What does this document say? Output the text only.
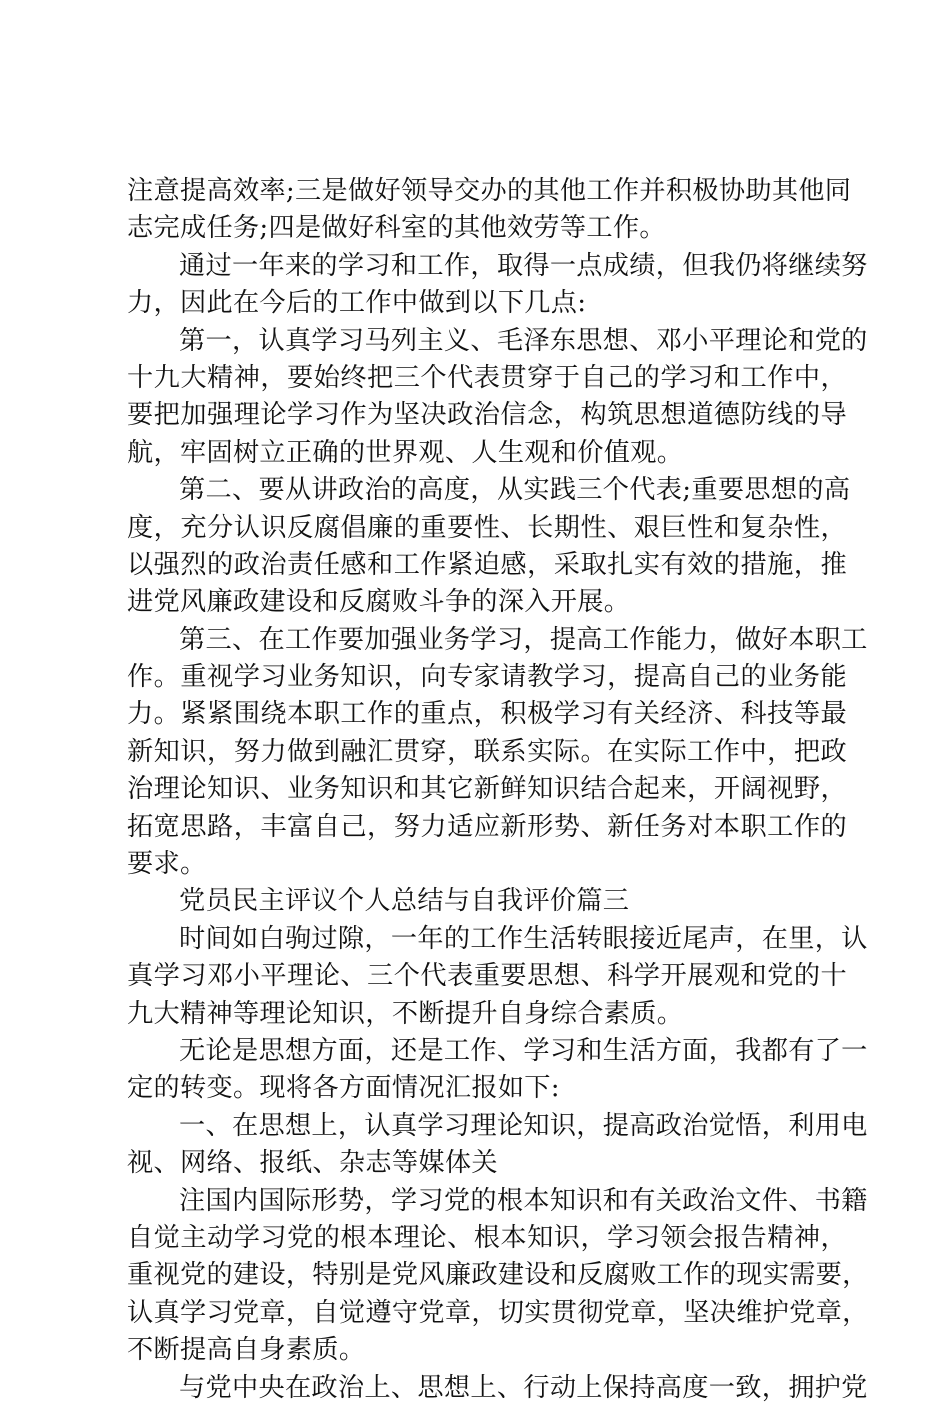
注意提高效率;三是做好领导交办的其他工作并积极协助其他同
志完成任务;四是做好科室的其他效劳等工作。
通过一年来的学习和工作，取得一点成绩，但我仍将继续努
力，因此在今后的工作中做到以下几点:
第一，认真学习马列主义、毛泽东思想、邓小平理论和党的
十九大精神，要始终把三个代表贯穿于自己的学习和工作中，
要把加强理论学习作为坚决政治信念，构筑思想道德防线的导
航，牢固树立正确的世界观、人生观和价值观。
第二、要从讲政治的高度，从实践三个代表;重要思想的高
度，充分认识反腐倡廉的重要性、长期性、艰巨性和复杂性，
以强烈的政治责任感和工作紧迫感，采取扎实有效的措施，推
进党风廉政建设和反腐败斗争的深入开展。
第三、在工作要加强业务学习，提高工作能力，做好本职工
作。重视学习业务知识，向专家请教学习，提高自己的业务能
力。紧紧围绕本职工作的重点，积极学习有关经济、科技等最
新知识，努力做到融汇贯穿，联系实际。在实际工作中，把政
治理论知识、业务知识和其它新鲜知识结合起来，开阔视野，
拓宽思路，丰富自己，努力适应新形势、新任务对本职工作的
要求。
党员民主评议个人总结与自我评价篇三
时间如白驹过隙，一年的工作生活转眼接近尾声，在里，认
真学习邓小平理论、三个代表重要思想、科学开展观和党的十
九大精神等理论知识，不断提升自身综合素质。
无论是思想方面，还是工作、学习和生活方面，我都有了一
定的转变。现将各方面情况汇报如下:
一、在思想上，认真学习理论知识，提高政治觉悟，利用电
视、网络、报纸、杂志等媒体关
注国内国际形势，学习党的根本知识和有关政治文件、书籍
自觉主动学习党的根本理论、根本知识，学习领会报告精神，
重视党的建设，特别是党风廉政建设和反腐败工作的现实需要，
认真学习党章，自觉遵守党章，切实贯彻党章，坚决维护党章，
不断提高自身素质。
与党中央在政治上、思想上、行动上保持高度一致，拥护党
